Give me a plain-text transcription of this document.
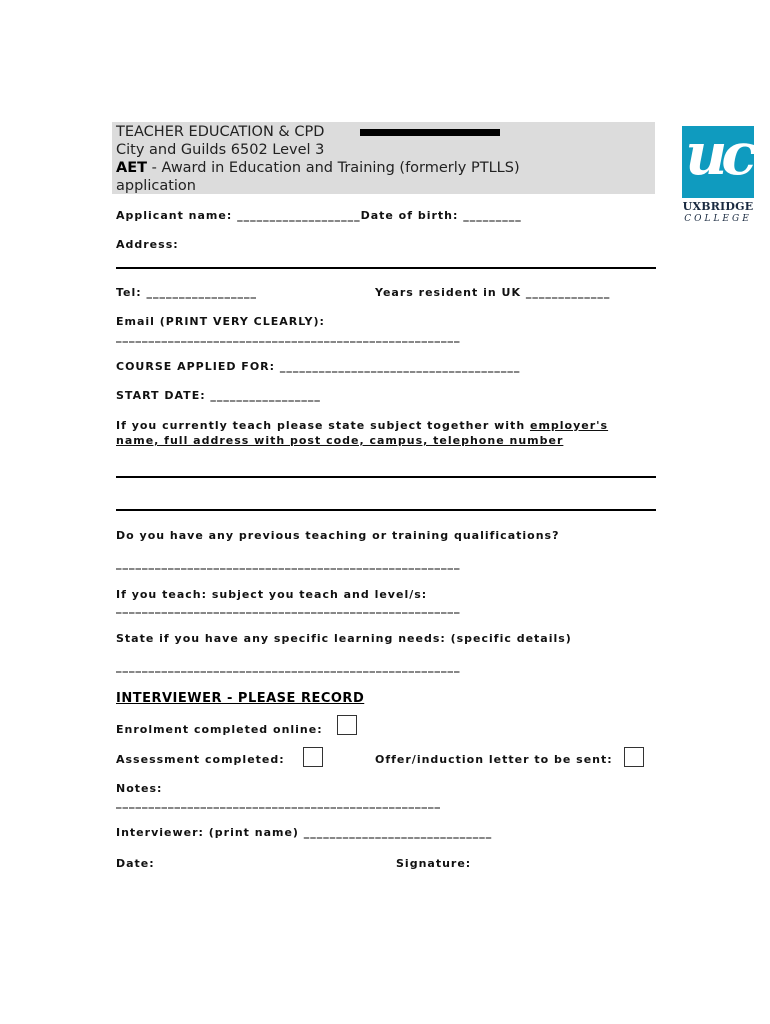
TEACHER EDUCATION & CPD
City and Guilds 6502 Level 3
AET - Award in Education and Training (formerly PTLLS)
application	uc
UXBRIDGE
COLLEGE
Applicant name: ___________________Date of birth: _________
Address:
Tel: _________________	Years resident in UK _____________
Email (PRINT VERY CLEARLY):
_____________________________________________________
COURSE APPLIED FOR: _____________________________________
START DATE: _________________
If you currently teach please state subject together with employer's
name, full address with post code, campus, telephone number
Do you have any previous teaching or training qualifications?
_____________________________________________________
If you teach: subject you teach and level/s:
_____________________________________________________
State if you have any specific learning needs: (specific details)
_____________________________________________________
INTERVIEWER - PLEASE RECORD
Enrolment completed online:
Assessment completed:	Offer/induction letter to be sent:
Notes:
__________________________________________________
Interviewer: (print name) _____________________________
Date:	Signature:
